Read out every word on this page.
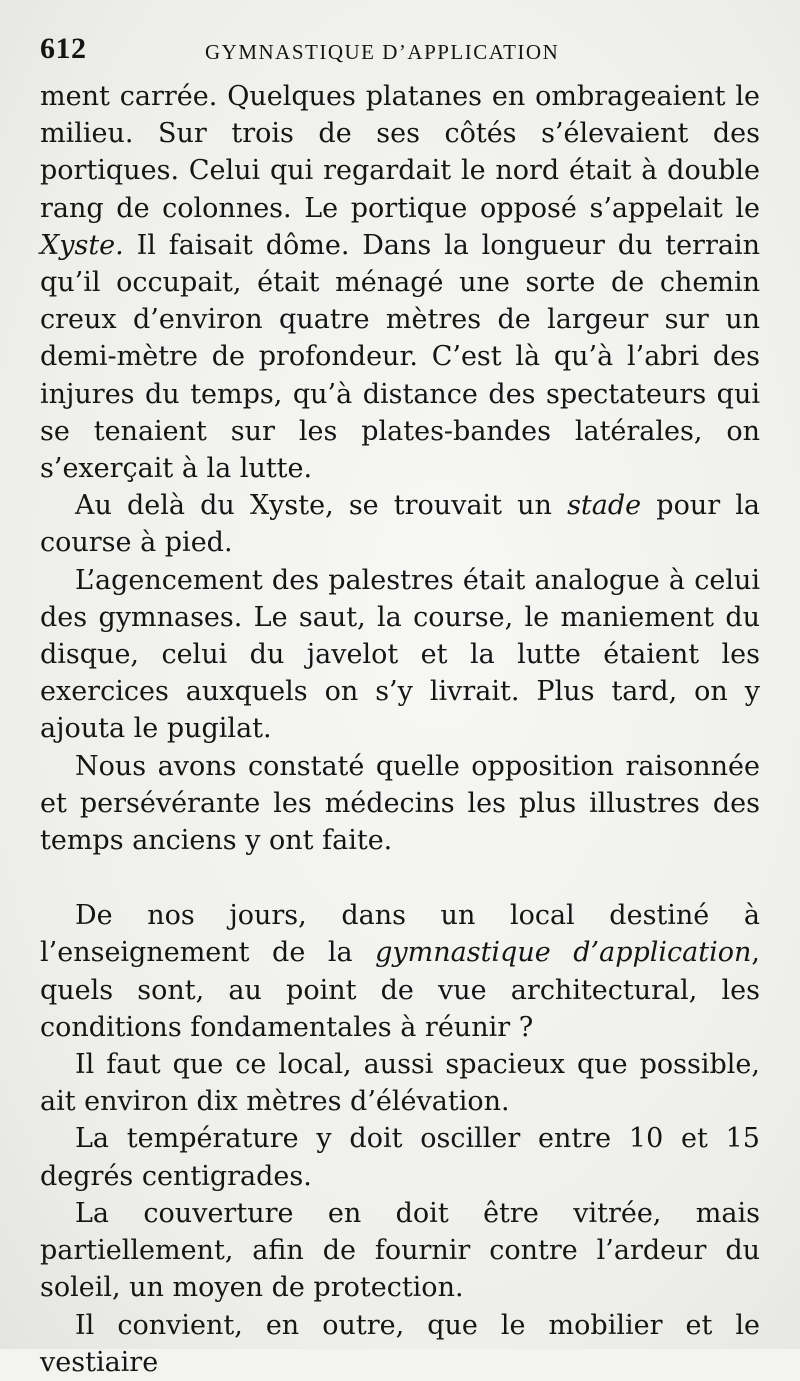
612	GYMNASTIQUE D’APPLICATION

ment carrée. Quelques platanes en ombrageaient le milieu. Sur trois de ses côtés s’élevaient des portiques. Celui qui regardait le nord était à double rang de colonnes. Le portique opposé s’appelait le Xyste. Il faisait dôme. Dans la longueur du terrain qu’il occupait, était ménagé une sorte de chemin creux d’environ quatre mètres de largeur sur un demi-mètre de profondeur. C’est là qu’à l’abri des injures du temps, qu’à distance des spectateurs qui se tenaient sur les plates-bandes latérales, on s’exerçait à la lutte.

Au delà du Xyste, se trouvait un stade pour la course à pied.

L’agencement des palestres était analogue à celui des gymnases. Le saut, la course, le maniement du disque, celui du javelot et la lutte étaient les exercices auxquels on s’y livrait. Plus tard, on y ajouta le pugilat.

Nous avons constaté quelle opposition raisonnée et persévérante les médecins les plus illustres des temps anciens y ont faite.

De nos jours, dans un local destiné à l’enseignement de la gymnastique d’application, quels sont, au point de vue architectural, les conditions fondamentales à réunir ?

Il faut que ce local, aussi spacieux que possible, ait environ dix mètres d’élévation.

La température y doit osciller entre 10 et 15 degrés centigrades.

La couverture en doit être vitrée, mais partiellement, afin de fournir contre l’ardeur du soleil, un moyen de protection.

Il convient, en outre, que le mobilier et le vestiaire
